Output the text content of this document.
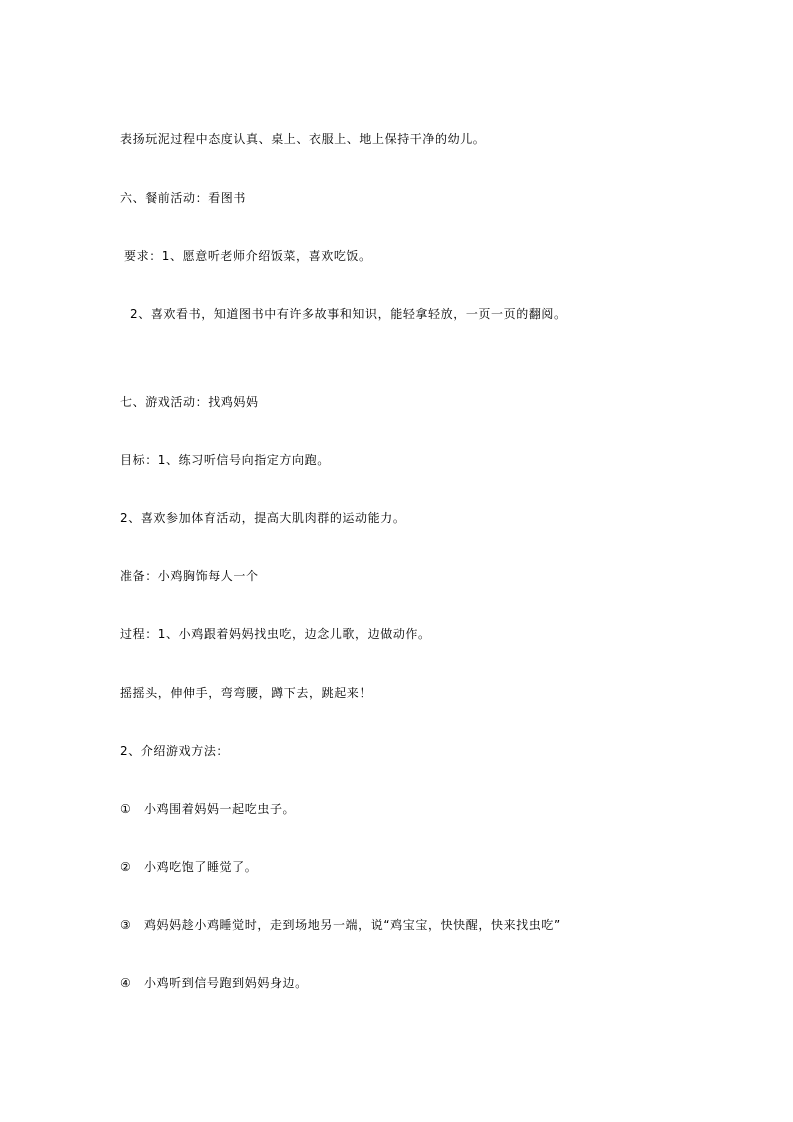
表扬玩泥过程中态度认真、桌上、衣服上、地上保持干净的幼儿。
六、餐前活动：看图书
要求：1、愿意听老师介绍饭菜，喜欢吃饭。
2、喜欢看书，知道图书中有许多故事和知识，能轻拿轻放，一页一页的翻阅。
七、游戏活动：找鸡妈妈
目标：1、练习听信号向指定方向跑。
2、喜欢参加体育活动，提高大肌肉群的运动能力。
准备：小鸡胸饰每人一个
过程：1、小鸡跟着妈妈找虫吃，边念儿歌，边做动作。
摇摇头，伸伸手，弯弯腰，蹲下去，跳起来！
2、介绍游戏方法：
①　小鸡围着妈妈一起吃虫子。
②　小鸡吃饱了睡觉了。
③　鸡妈妈趁小鸡睡觉时，走到场地另一端，说“鸡宝宝，快快醒，快来找虫吃”
④　小鸡听到信号跑到妈妈身边。
